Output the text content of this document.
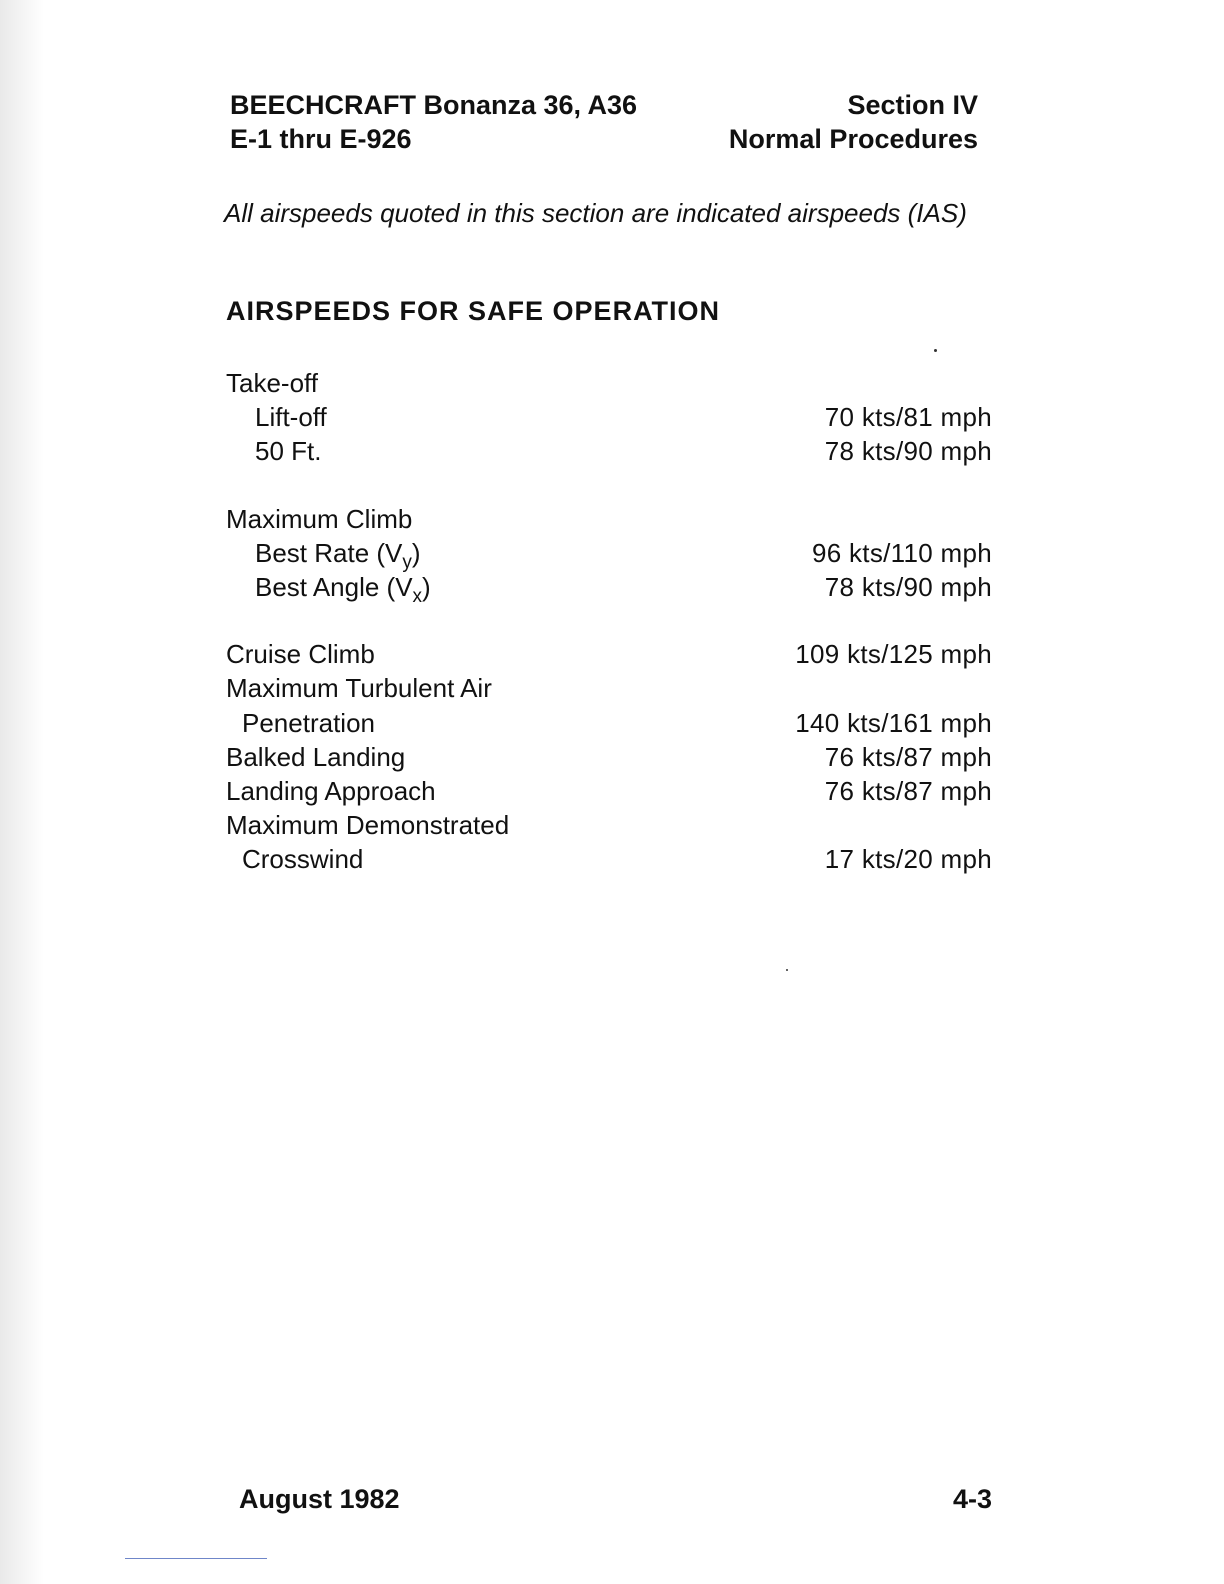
BEECHCRAFT Bonanza 36, A36
E-1 thru E-926
Section IV
Normal Procedures
All airspeeds quoted in this section are indicated airspeeds (IAS)
AIRSPEEDS FOR SAFE OPERATION
Take-off
Lift-off	70 kts/81 mph
50 Ft.	78 kts/90 mph
Maximum Climb
Best Rate $(V_y)$	96 kts/110 mph
Best Angle $(V_x)$	78 kts/90 mph
Cruise Climb	109 kts/125 mph
Maximum Turbulent Air
Penetration	140 kts/161 mph
Balked Landing	76 kts/87 mph
Landing Approach	76 kts/87 mph
Maximum Demonstrated
Crosswind	17 kts/20 mph
August 1982	4-3
